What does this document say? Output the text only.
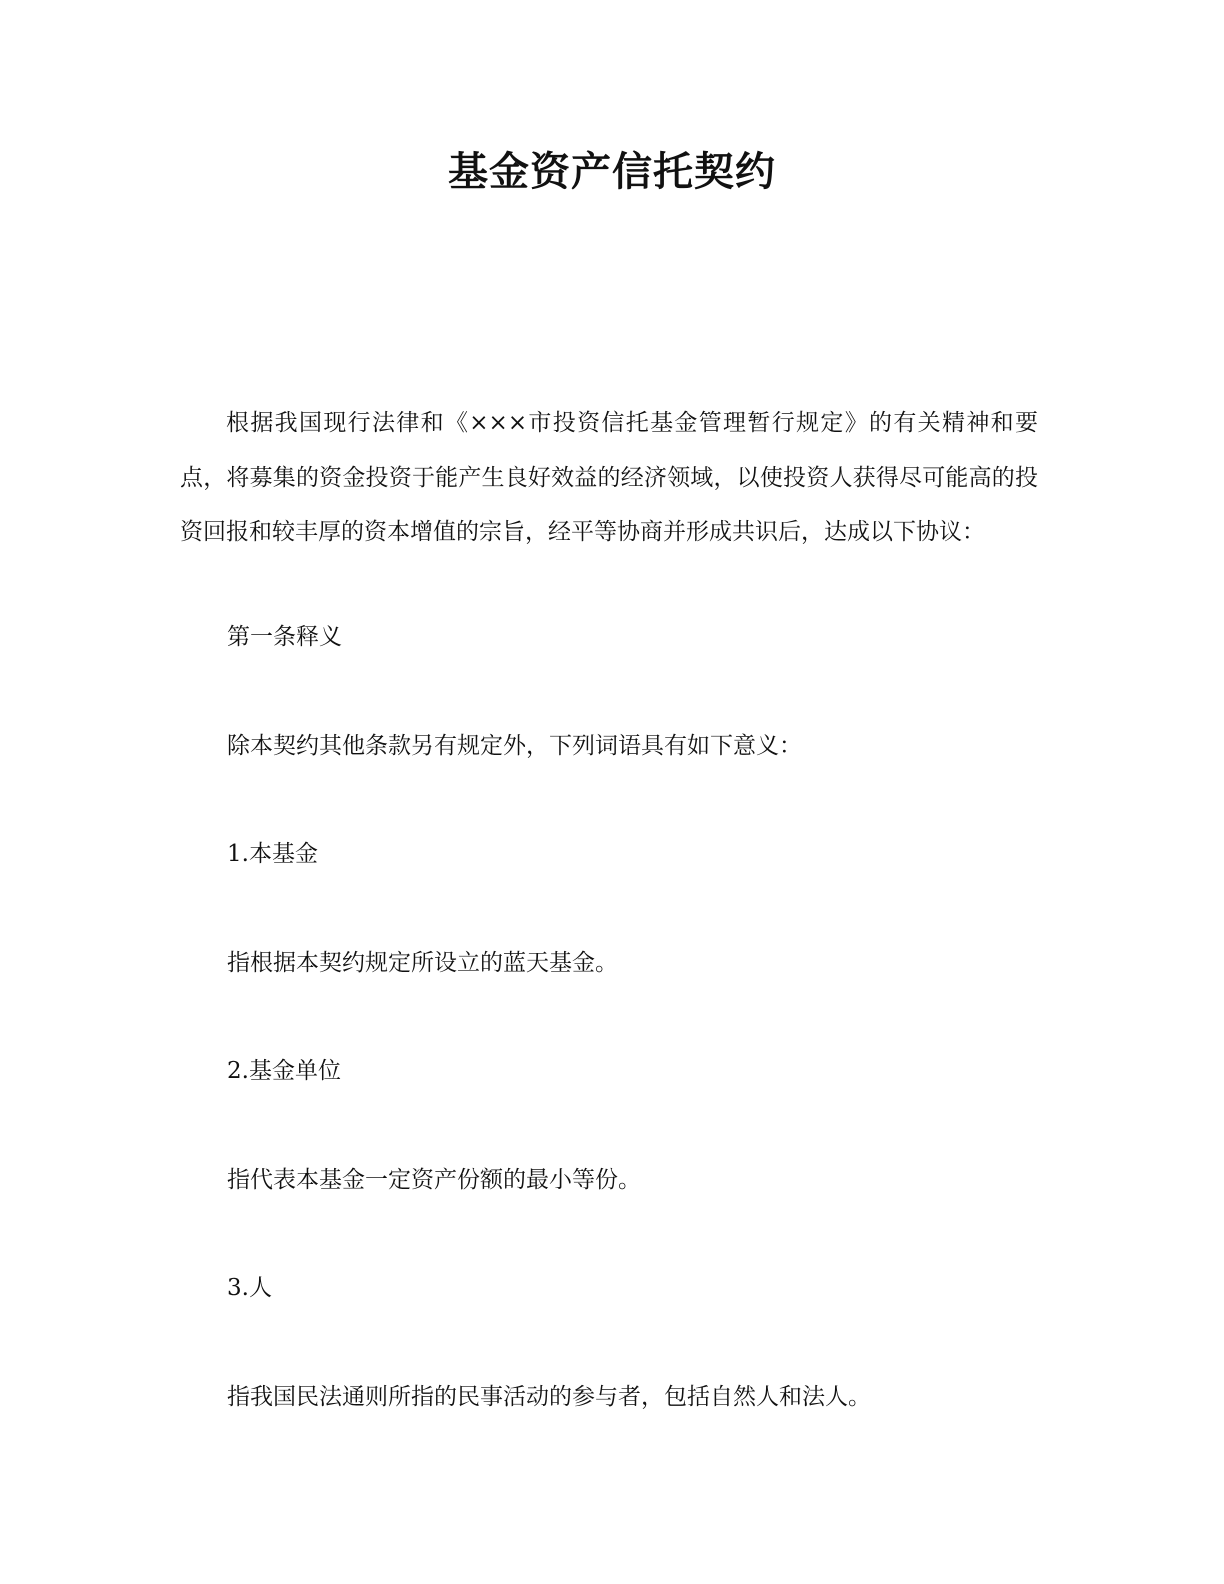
基金资产信托契约

根据我国现行法律和《×××市投资信托基金管理暂行规定》的有关精神和要点，将募集的资金投资于能产生良好效益的经济领域，以使投资人获得尽可能高的投资回报和较丰厚的资本增值的宗旨，经平等协商并形成共识后，达成以下协议：

第一条释义

除本契约其他条款另有规定外，下列词语具有如下意义：

1.本基金

指根据本契约规定所设立的蓝天基金。

2.基金单位

指代表本基金一定资产份额的最小等份。

3.人

指我国民法通则所指的民事活动的参与者，包括自然人和法人。
